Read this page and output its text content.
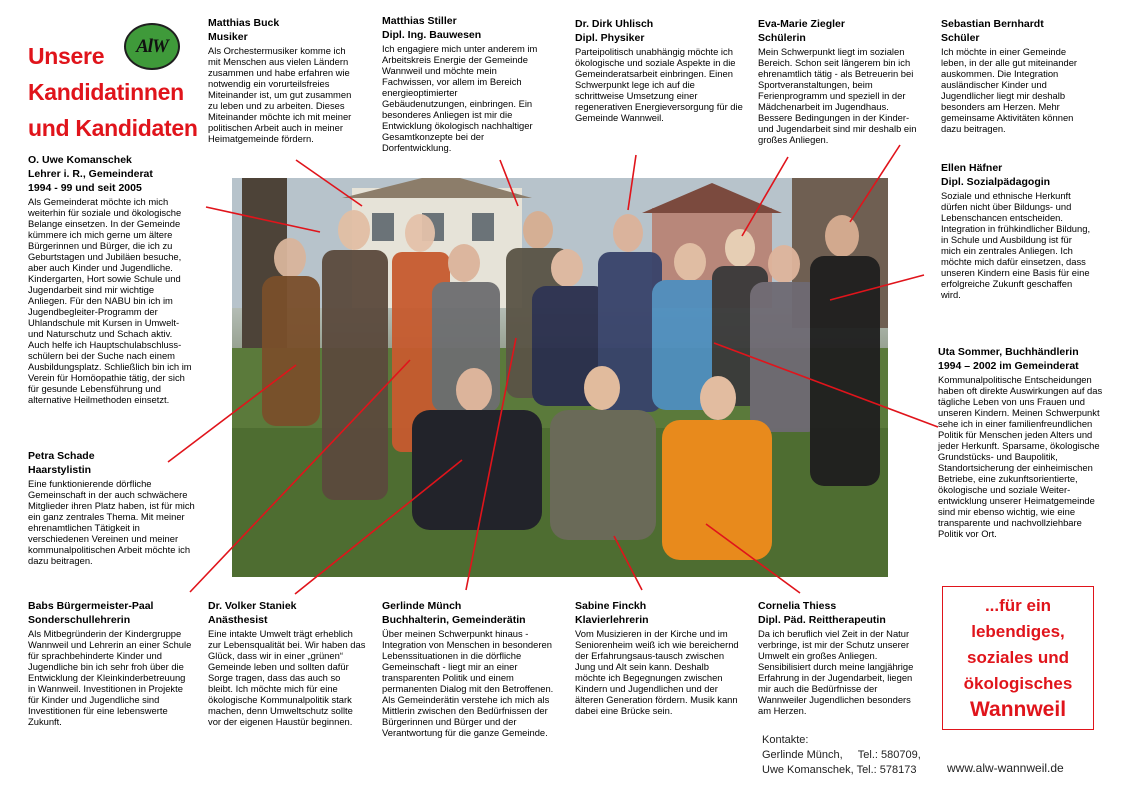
Unsere
Kandidatinnen
und Kandidaten
AlW
Matthias Buck
Musiker
Als Orchestermusiker komme ich mit Menschen aus vielen Ländern zusammen und habe erfahren wie notwendig ein vorurteilsfreies Miteinander ist, um gut zusammen zu leben und zu arbeiten. Dieses Miteinander möchte ich mit meiner politischen Arbeit auch in meiner Heimatgemeinde fördern.
Matthias Stiller
Dipl. Ing. Bauwesen
Ich engagiere mich unter anderem im Arbeitskreis Energie der Gemeinde Wannweil und möchte mein Fachwissen, vor allem im Bereich energieoptimierter Gebäudenutzungen, einbringen. Ein besonderes Anliegen ist mir die Entwicklung ökologisch nachhaltiger Gesamtkonzepte bei der Dorfentwicklung.
Dr. Dirk Uhlisch
Dipl. Physiker
Parteipolitisch unabhängig möchte ich ökologische und soziale Aspekte in die Gemeinderatsarbeit einbringen. Einen Schwerpunkt lege ich auf die schrittweise Umsetzung einer regenerativen Energieversorgung für die Gemeinde Wannweil.
Eva-Marie Ziegler
Schülerin
Mein Schwerpunkt liegt im sozialen Bereich. Schon seit längerem bin ich ehrenamtlich tätig - als Betreuerin bei Sportveranstaltungen, beim Ferienprogramm und speziell in der Mädchenarbeit im Jugendhaus. Bessere Bedingungen in der Kinder- und Jugendarbeit sind mir deshalb ein großes Anliegen.
Sebastian Bernhardt
Schüler
Ich möchte in einer Gemeinde leben, in der alle gut miteinander auskommen. Die Integration ausländischer Kinder und Jugendlicher liegt mir deshalb besonders am Herzen. Mehr gemeinsame Aktivitäten können dazu beitragen.
O. Uwe Komanschek
Lehrer i. R., Gemeinderat
1994 - 99 und seit 2005
Als Gemeinderat möchte ich mich weiterhin für soziale und ökologische Belange einsetzen. In der Gemeinde kümmere ich mich gerne um ältere Bürgerinnen und Bürger, die ich zu Geburtstagen und Jubiläen besuche, aber auch Kinder und Jugendliche. Kindergarten, Hort sowie Schule und Jugendarbeit sind mir wichtige Anliegen. Für den NABU bin ich im Jugendbegleiter-Programm der Uhlandschule mit Kursen in Umwelt- und Naturschutz und Schach aktiv. Auch helfe ich Hauptschulabschluss-schülern bei der Suche nach einem Ausbildungsplatz. Schließlich bin ich im Verein für Homöopathie tätig, der sich für gesunde Lebensführung und alternative Heilmethoden einsetzt.
Ellen Häfner
Dipl. Sozialpädagogin
Soziale und ethnische Herkunft dürfen nicht über Bildungs- und Lebenschancen entscheiden. Integration in frühkindlicher Bildung, in Schule und Ausbildung ist für mich ein zentrales Anliegen. Ich möchte mich dafür einsetzen, dass unseren Kindern eine Basis für eine erfolgreiche Zukunft geschaffen wird.
Uta Sommer, Buchhändlerin
1994 – 2002 im Gemeinderat
Kommunalpolitische Entscheidungen haben oft direkte Auswirkungen auf das tägliche Leben von uns Frauen und unseren Kindern. Meinen Schwerpunkt sehe ich in einer familienfreundlichen Politik für Menschen jeden Alters und jeder Herkunft. Sparsame, ökologische Grundstücks- und Baupolitik, Standortsicherung der einheimischen Betriebe, eine zukunftsorientierte, ökologische und soziale Weiter-entwicklung unserer Heimatgemeinde sind mir ebenso wichtig, wie eine transparente und nachvollziehbare Politik vor Ort.
Petra Schade
Haarstylistin
Eine funktionierende dörfliche Gemeinschaft in der auch schwächere Mitglieder ihren Platz haben, ist für mich ein ganz zentrales Thema. Mit meiner ehrenamtlichen Tätigkeit in verschiedenen Vereinen und meiner kommunalpolitischen Arbeit möchte ich dazu beitragen.
Babs Bürgermeister-Paal
Sonderschullehrerin
Als Mitbegründerin der Kindergruppe Wannweil und Lehrerin an einer Schule für sprachbehinderte Kinder und Jugendliche bin ich sehr froh über die Entwicklung der Kleinkinderbetreuung in Wannweil. Investitionen in Projekte für Kinder und Jugendliche sind Investitionen für eine lebenswerte Zukunft.
Dr. Volker Staniek
Anästhesist
Eine intakte Umwelt trägt erheblich zur Lebensqualität bei. Wir haben das Glück, dass wir in einer „grünen“ Gemeinde leben und sollten dafür Sorge tragen, dass das auch so bleibt. Ich möchte mich für eine ökologische Kommunalpolitik stark machen, denn Umweltschutz sollte vor der eigenen Haustür beginnen.
Gerlinde Münch
Buchhalterin, Gemeinderätin
Über meinen Schwerpunkt hinaus - Integration von Menschen in besonderen Lebenssituationen in die dörfliche Gemeinschaft - liegt mir an einer transparenten Politik und einem permanenten Dialog mit den Betroffenen. Als Gemeinderätin verstehe ich mich als Mittlerin zwischen den Bedürfnissen der Bürgerinnen und Bürger und der Verantwortung für die ganze Gemeinde.
Sabine Finckh
Klavierlehrerin
Vom Musizieren in der Kirche und im Seniorenheim weiß ich wie bereichernd der Erfahrungsaus-tausch zwischen Jung und Alt sein kann. Deshalb möchte ich Begegnungen zwischen Kindern und Jugendlichen und der älteren Generation fördern. Musik kann dabei eine Brücke sein.
Cornelia Thiess
Dipl. Päd. Reittherapeutin
Da ich beruflich viel Zeit in der Natur verbringe, ist mir der Schutz unserer Umwelt ein großes Anliegen. Sensibilisiert durch meine langjährige Erfahrung in der Jugendarbeit, liegen mir auch die Bedürfnisse der Wannweiler Jugendlichen besonders am Herzen.
...für ein
lebendiges,
soziales und
ökologisches
Wannweil
Kontakte:
Gerlinde Münch,     Tel.: 580709,
Uwe Komanschek, Tel.: 578173	www.alw-wannweil.de
